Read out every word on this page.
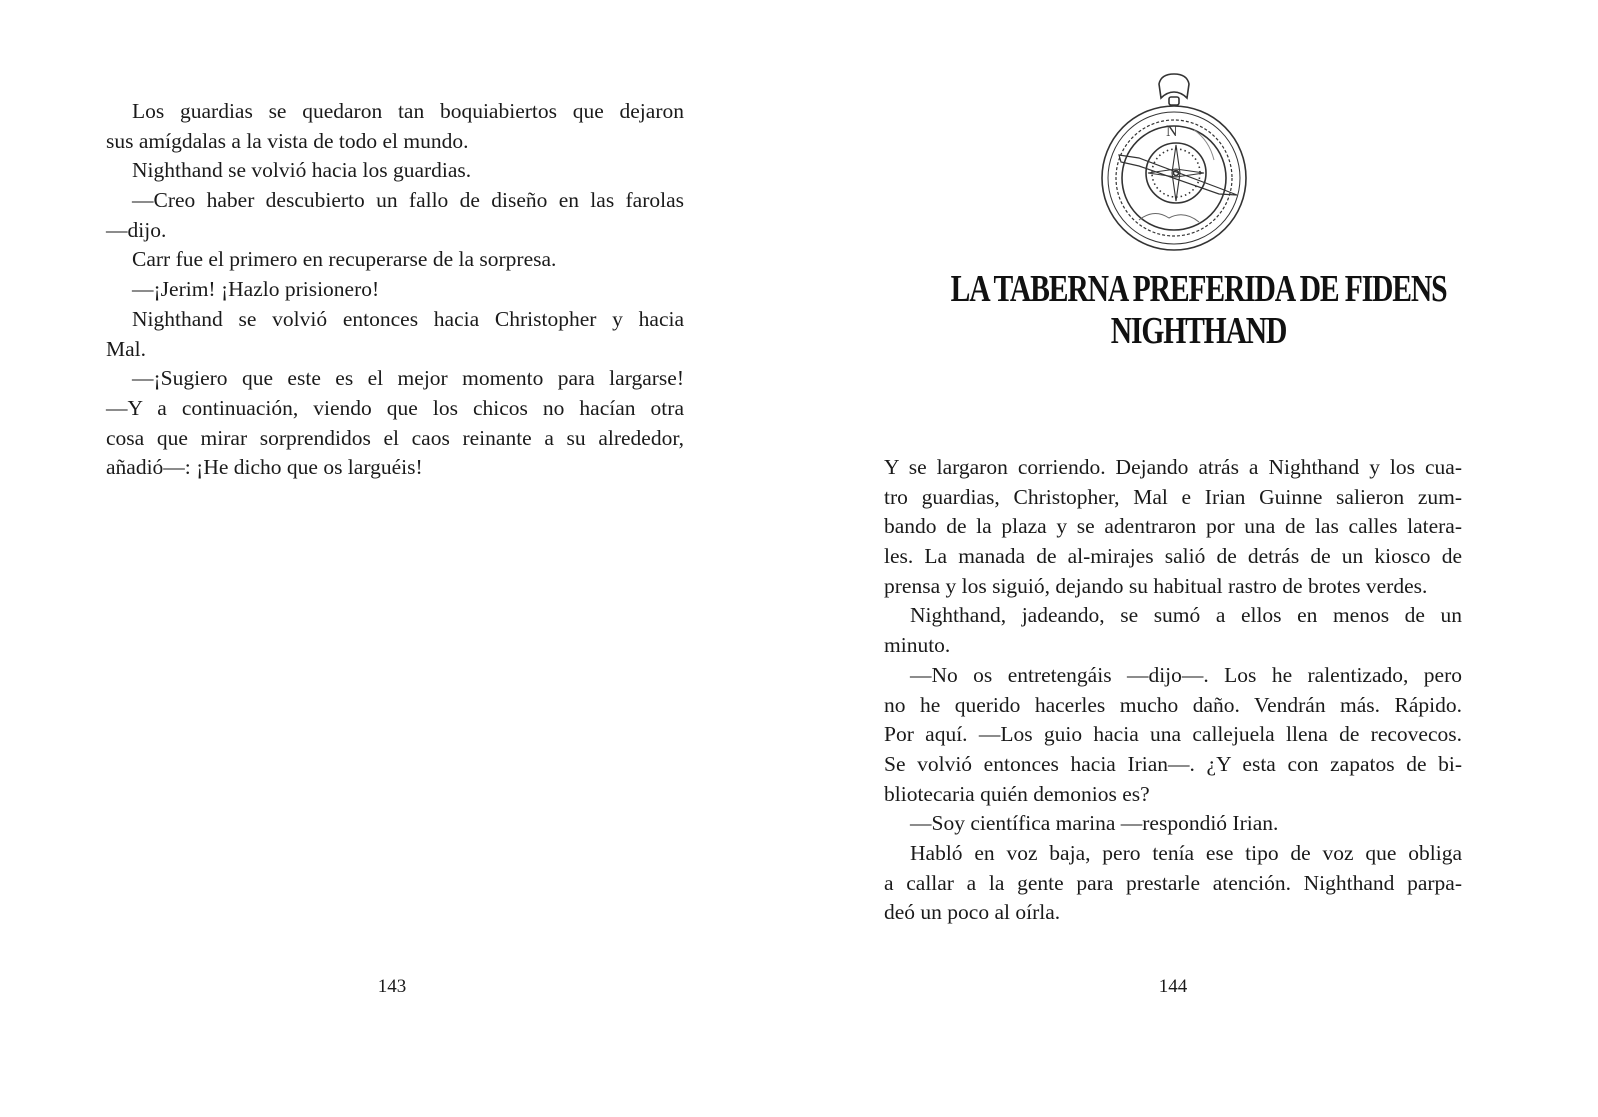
Los guardias se quedaron tan boquiabiertos que dejaron
sus amígdalas a la vista de todo el mundo.
Nighthand se volvió hacia los guardias.
—Creo haber descubierto un fallo de diseño en las farolas
—dijo.
Carr fue el primero en recuperarse de la sorpresa.
—¡Jerim! ¡Hazlo prisionero!
Nighthand se volvió entonces hacia Christopher y hacia
Mal.
—¡Sugiero que este es el mejor momento para largarse!
—Y a continuación, viendo que los chicos no hacían otra
cosa que mirar sorprendidos el caos reinante a su alrededor,
añadió—: ¡He dicho que os larguéis!
143
N
LA TABERNA PREFERIDA DE FIDENS
NIGHTHAND
Y se largaron corriendo. Dejando atrás a Nighthand y los cua-
tro guardias, Christopher, Mal e Irian Guinne salieron zum-
bando de la plaza y se adentraron por una de las calles latera-
les. La manada de al-mirajes salió de detrás de un kiosco de
prensa y los siguió, dejando su habitual rastro de brotes verdes.
Nighthand, jadeando, se sumó a ellos en menos de un
minuto.
—No os entretengáis —dijo—. Los he ralentizado, pero
no he querido hacerles mucho daño. Vendrán más. Rápido.
Por aquí. —Los guio hacia una callejuela llena de recovecos.
Se volvió entonces hacia Irian—. ¿Y esta con zapatos de bi-
bliotecaria quién demonios es?
—Soy científica marina —respondió Irian.
Habló en voz baja, pero tenía ese tipo de voz que obliga
a callar a la gente para prestarle atención. Nighthand parpa-
deó un poco al oírla.
144
